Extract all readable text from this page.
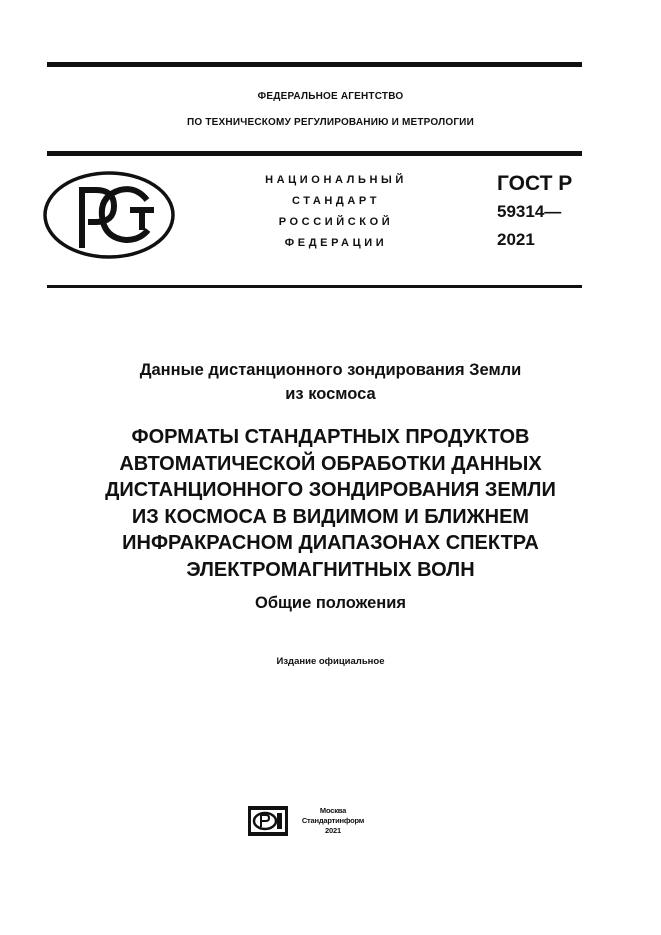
ФЕДЕРАЛЬНОЕ АГЕНТСТВО
ПО ТЕХНИЧЕСКОМУ РЕГУЛИРОВАНИЮ И МЕТРОЛОГИИ
НАЦИОНАЛЬНЫЙ
СТАНДАРТ
РОССИЙСКОЙ
ФЕДЕРАЦИИ
ГОСТ Р
59314—
2021
Данные дистанционного зондирования Земли
из космоса
ФОРМАТЫ СТАНДАРТНЫХ ПРОДУКТОВ
АВТОМАТИЧЕСКОЙ ОБРАБОТКИ ДАННЫХ
ДИСТАНЦИОННОГО ЗОНДИРОВАНИЯ ЗЕМЛИ
ИЗ КОСМОСА В ВИДИМОМ И БЛИЖНЕМ
ИНФРАКРАСНОМ ДИАПАЗОНАХ СПЕКТРА
ЭЛЕКТРОМАГНИТНЫХ ВОЛН
Общие положения
Издание официальное
Москва
Стандартинформ
2021
